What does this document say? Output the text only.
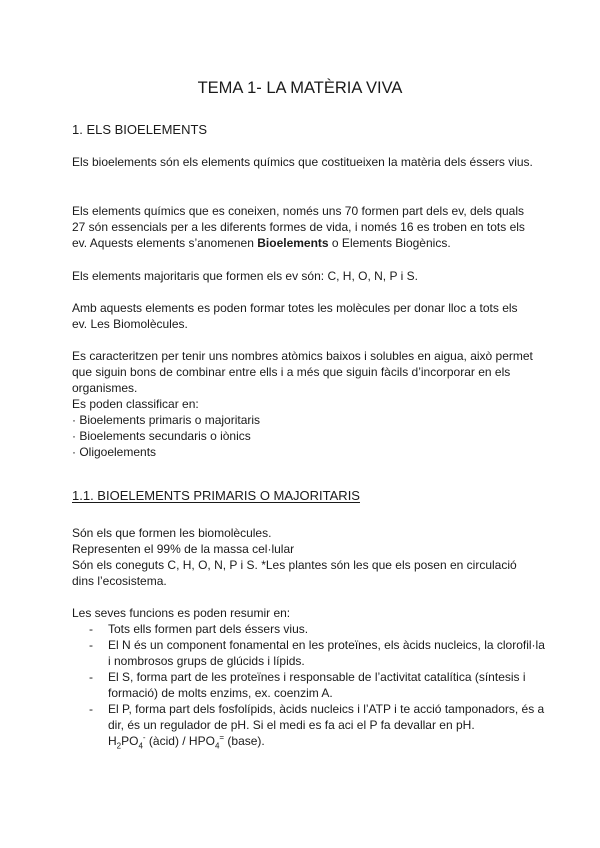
TEMA 1- LA MATÈRIA VIVA
1. ELS BIOELEMENTS

Els bioelements són els elements químics que costitueixen la matèria dels éssers vius.

Els elements químics que es coneixen, només uns 70 formen part dels ev, dels quals 27 són essencials per a les diferents formes de vida, i només 16 es troben en tots els ev. Aquests elements s’anomenen Bioelements o Elements Biogènics.

Els elements majoritaris que formen els ev són: C, H, O, N, P i S.

Amb aquests elements es poden formar totes les molècules per donar lloc a tots els ev. Les Biomolècules.

Es caracteritzen per tenir uns nombres atòmics baixos i solubles en aigua, això permet que siguin bons de combinar entre ells i a més que siguin fàcils d’incorporar en els organismes.
Es poden classificar en:
· Bioelements primaris o majoritaris
· Bioelements secundaris o iònics
· Oligoelements
1.1. BIOELEMENTS PRIMARIS O MAJORITARIS
Són els que formen les biomolècules.
Representen el 99% de la massa cel·lular
Són els coneguts C, H, O, N, P i S. *Les plantes són les que els posen en circulació dins l’ecosistema.

Les seves funcions es poden resumir en:

- Tots ells formen part dels éssers vius.
- El N és un component fonamental en les proteïnes, els àcids nucleics, la clorofil·la i nombrosos grups de glúcids i lípids.
- El S, forma part de les proteïnes i responsable de l’activitat catalítica (síntesis i formació) de molts enzims, ex. coenzim A.
- El P, forma part dels fosfolípids, àcids nucleics i l’ATP i te acció tamponadors, és a dir, és un regulador de pH. Si el medi es fa aci el P fa devallar en pH.
$H_2PO_4^-$ (àcid) / $HPO_4^=$ (base).
